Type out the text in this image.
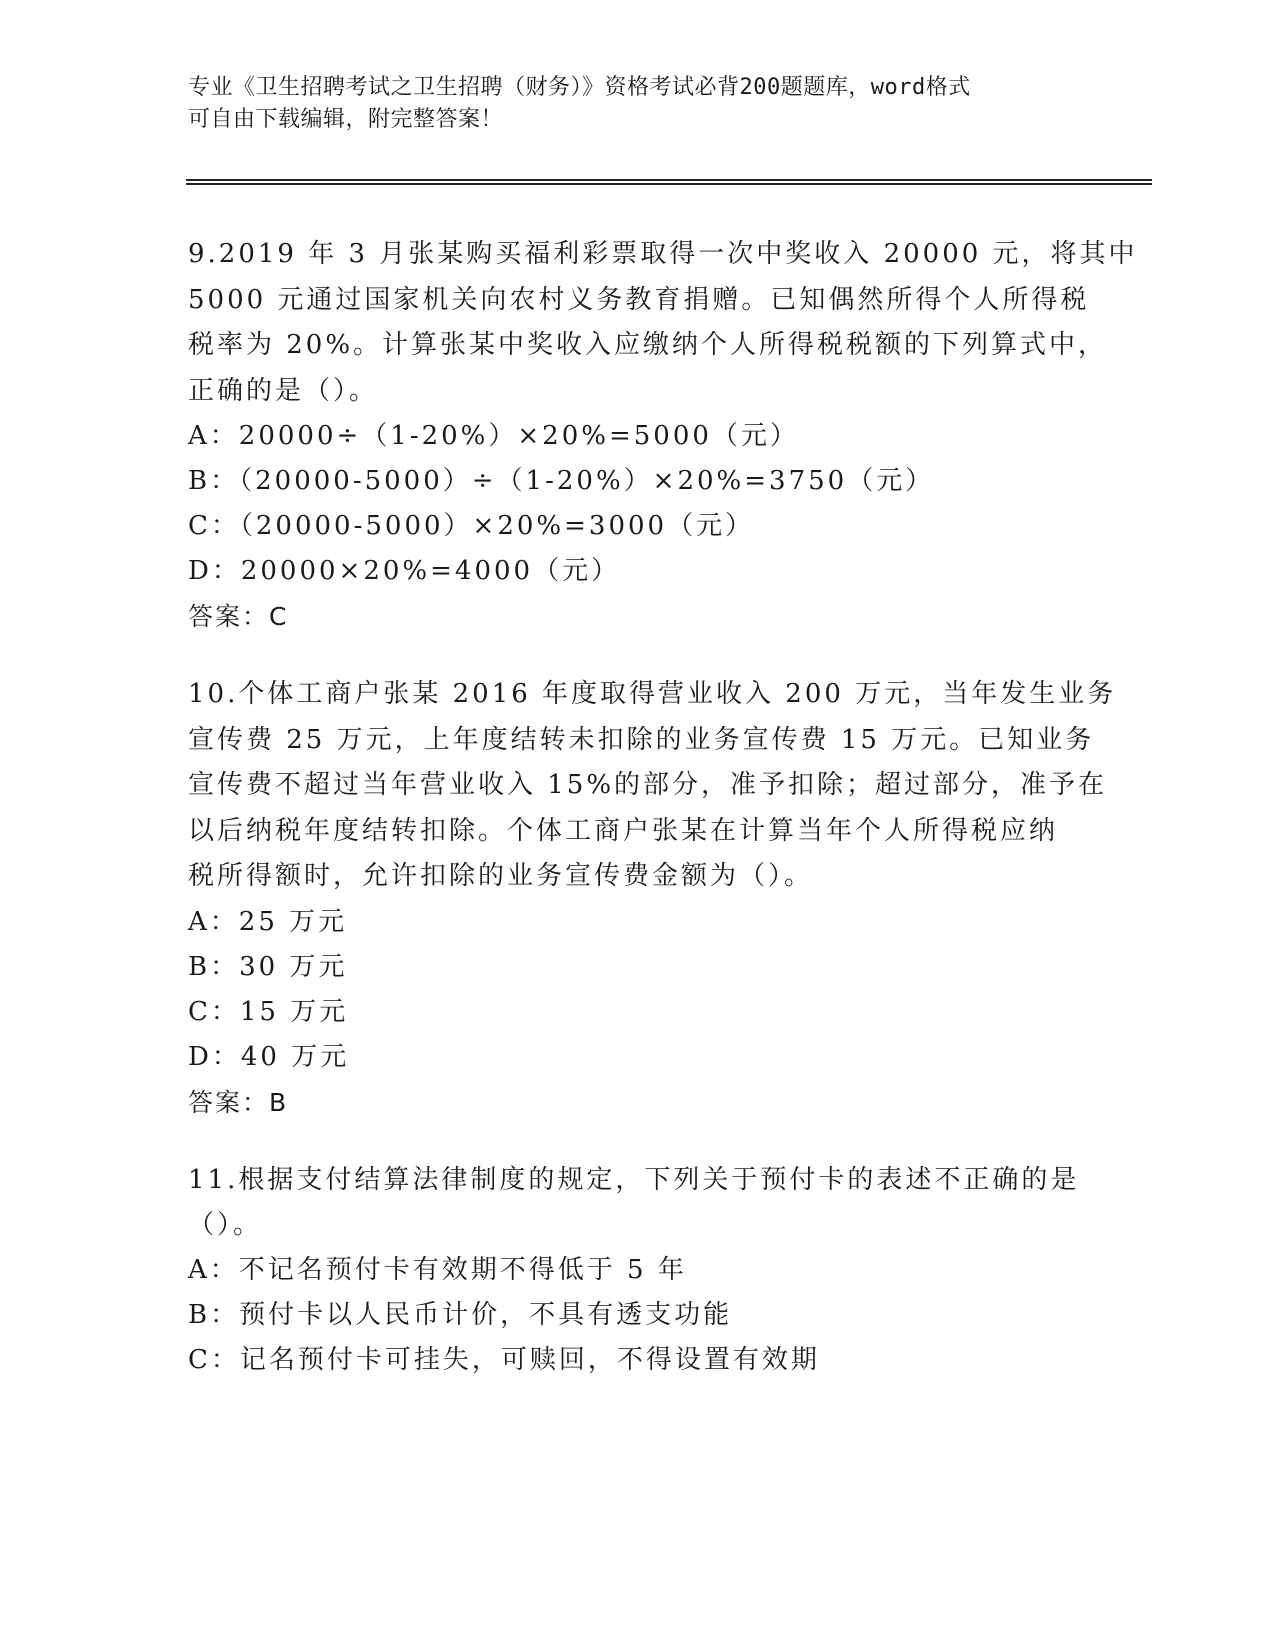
专业《卫生招聘考试之卫生招聘（财务）》资格考试必背200题题库，word格式
可自由下载编辑，附完整答案！
9.2019 年 3 月张某购买福利彩票取得一次中奖收入 20000 元，将其中
5000 元通过国家机关向农村义务教育捐赠。已知偶然所得个人所得税
税率为 20%。计算张某中奖收入应缴纳个人所得税税额的下列算式中，
正确的是（）。
A：20000÷（1-20%）×20%=5000（元）
B：（20000-5000）÷（1-20%）×20%=3750（元）
C：（20000-5000）×20%=3000（元）
D：20000×20%=4000（元）
答案：C
10.个体工商户张某 2016 年度取得营业收入 200 万元，当年发生业务
宣传费 25 万元，上年度结转未扣除的业务宣传费 15 万元。已知业务
宣传费不超过当年营业收入 15%的部分，准予扣除；超过部分，准予在
以后纳税年度结转扣除。个体工商户张某在计算当年个人所得税应纳
税所得额时，允许扣除的业务宣传费金额为（）。
A：25 万元
B：30 万元
C：15 万元
D：40 万元
答案：B
11.根据支付结算法律制度的规定，下列关于预付卡的表述不正确的是
（）。
A：不记名预付卡有效期不得低于 5 年
B：预付卡以人民币计价，不具有透支功能
C：记名预付卡可挂失，可赎回，不得设置有效期
